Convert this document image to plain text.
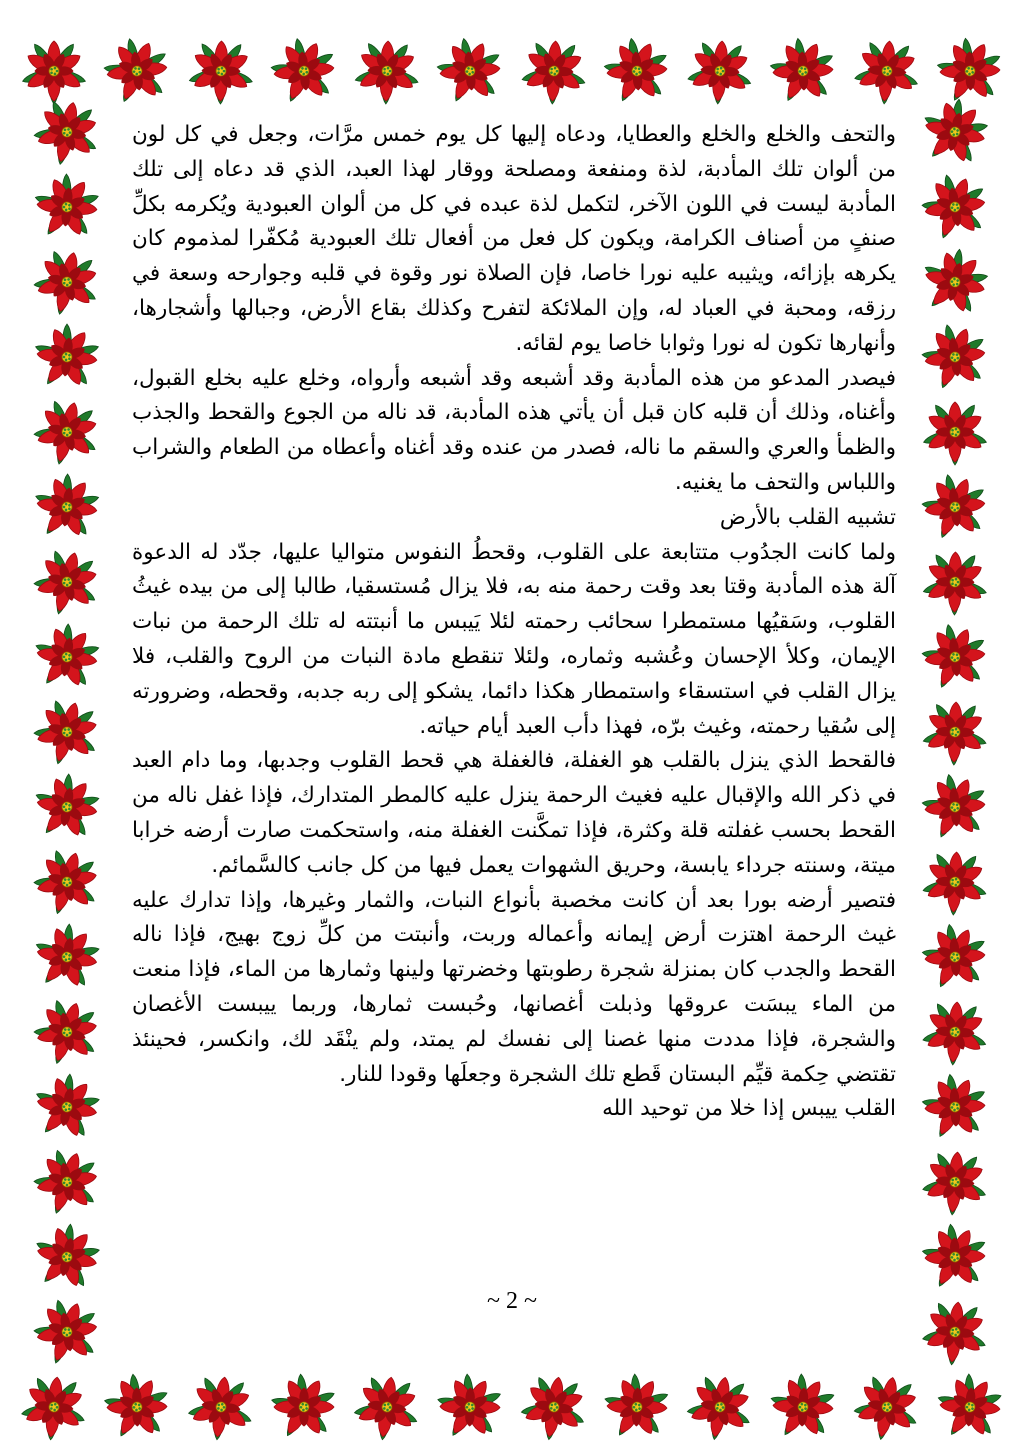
والتحف والخلع والخلع والعطايا، ودعاه إليها كل يوم خمس مرَّات، وجعل في كل لون من ألوان تلك المأدبة، لذة ومنفعة ومصلحة ووقار لهذا العبد، الذي قد دعاه إلى تلك المأدبة ليست في اللون الآخر، لتكمل لذة عبده في كل من ألوان العبودية ويُكرمه بكلِّ صنفٍ من أصناف الكرامة، ويكون كل فعل من أفعال تلك العبودية مُكفّرا لمذموم كان يكرهه بإزائه، ويثيبه عليه نورا خاصا، فإن الصلاة نور وقوة في قلبه وجوارحه وسعة في رزقه، ومحبة في العباد له، وإن الملائكة لتفرح وكذلك بقاع الأرض، وجبالها وأشجارها، وأنهارها تكون له نورا وثوابا خاصا يوم لقائه.

فيصدر المدعو من هذه المأدبة وقد أشبعه وقد أشبعه وأرواه، وخلع عليه بخلع القبول، وأغناه، وذلك أن قلبه كان قبل أن يأتي هذه المأدبة، قد ناله من الجوع والقحط والجذب والظمأ والعري والسقم ما ناله، فصدر من عنده وقد أغناه وأعطاه من الطعام والشراب واللباس والتحف ما يغنيه.

تشبيه القلب بالأرض

ولما كانت الجدُوب متتابعة على القلوب، وقحطُ النفوس متواليا عليها، جدّد له الدعوة آلة هذه المأدبة وقتا بعد وقت رحمة منه به، فلا يزال مُستسقيا، طالبا إلى من بيده غيثُ القلوب، وسَقيُها مستمطرا سحائب رحمته لئلا يَيبس ما أنبتته له تلك الرحمة من نبات الإيمان، وكلأ الإحسان وعُشبه وثماره، ولئلا تنقطع مادة النبات من الروح والقلب، فلا يزال القلب في استسقاء واستمطار هكذا دائما، يشكو إلى ربه جدبه، وقحطه، وضرورته إلى سُقيا رحمته، وغيث برّه، فهذا دأب العبد أيام حياته.

فالقحط الذي ينزل بالقلب هو الغفلة، فالغفلة هي قحط القلوب وجدبها، وما دام العبد في ذكر الله والإقبال عليه فغيث الرحمة ينزل عليه كالمطر المتدارك، فإذا غفل ناله من القحط بحسب غفلته قلة وكثرة، فإذا تمكَّنت الغفلة منه، واستحكمت صارت أرضه خرابا ميتة، وسنته جرداء يابسة، وحريق الشهوات يعمل فيها من كل جانب كالسَّمائم.

فتصير أرضه بورا بعد أن كانت مخصبة بأنواع النبات، والثمار وغيرها، وإذا تدارك عليه غيث الرحمة اهتزت أرض إيمانه وأعماله وربت، وأنبتت من كلِّ زوج بهيج، فإذا ناله القحط والجدب كان بمنزلة شجرة رطوبتها وخضرتها ولينها وثمارها من الماء، فإذا منعت من الماء يبسَت عروقها وذبلت أغصانها، وحُبست ثمارها، وربما ييبست الأغصان والشجرة، فإذا مددت منها غصنا إلى نفسك لم يمتد، ولم ينْقَد لك، وانكسر، فحينئذ تقتضي حِكمة قيِّم البستان قَطع تلك الشجرة وجعلَها وقودا للنار.

القلب ييبس إذا خلا من توحيد الله

~ 2 ~
